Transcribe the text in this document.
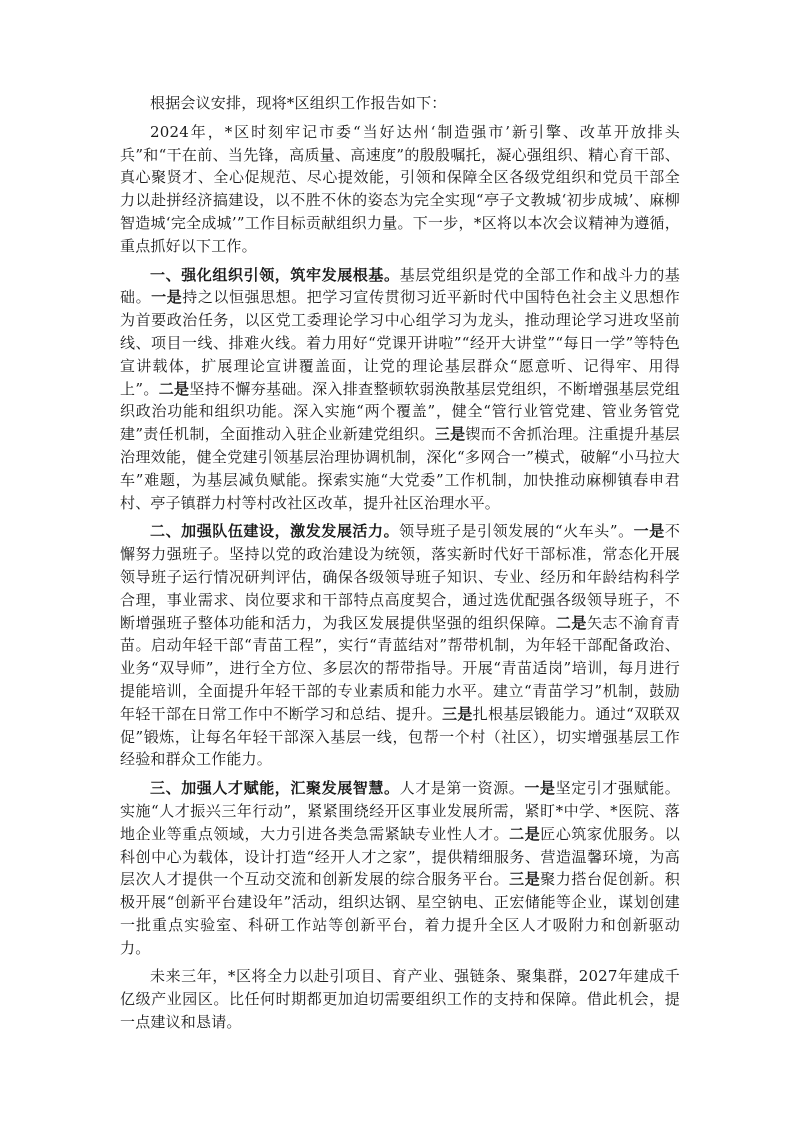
根据会议安排，现将*区组织工作报告如下：

2024年，*区时刻牢记市委“当好达州‘制造强市’新引擎、改革开放排头兵”和“干在前、当先锋，高质量、高速度”的殷殷嘱托，凝心强组织、精心育干部、真心聚贤才、全心促规范、尽心提效能，引领和保障全区各级党组织和党员干部全力以赴拼经济搞建设，以不胜不休的姿态为完全实现“亭子文教城‘初步成城’、麻柳智造城‘完全成城’”工作目标贡献组织力量。下一步，*区将以本次会议精神为遵循，重点抓好以下工作。

一、强化组织引领，筑牢发展根基。基层党组织是党的全部工作和战斗力的基础。一是持之以恒强思想。把学习宣传贯彻习近平新时代中国特色社会主义思想作为首要政治任务，以区党工委理论学习中心组学习为龙头，推动理论学习进攻坚前线、项目一线、排难火线。着力用好“党课开讲啦”“经开大讲堂”“每日一学”等特色宣讲载体，扩展理论宣讲覆盖面，让党的理论基层群众“愿意听、记得牢、用得上”。二是坚持不懈夯基础。深入排查整顿软弱涣散基层党组织，不断增强基层党组织政治功能和组织功能。深入实施“两个覆盖”，健全“管行业管党建、管业务管党建”责任机制，全面推动入驻企业新建党组织。三是锲而不舍抓治理。注重提升基层治理效能，健全党建引领基层治理协调机制，深化“多网合一”模式，破解“小马拉大车”难题，为基层减负赋能。探索实施“大党委”工作机制，加快推动麻柳镇春申君村、亭子镇群力村等村改社区改革，提升社区治理水平。

二、加强队伍建设，激发发展活力。领导班子是引领发展的“火车头”。一是不懈努力强班子。坚持以党的政治建设为统领，落实新时代好干部标准，常态化开展领导班子运行情况研判评估，确保各级领导班子知识、专业、经历和年龄结构科学合理，事业需求、岗位要求和干部特点高度契合，通过选优配强各级领导班子，不断增强班子整体功能和活力，为我区发展提供坚强的组织保障。二是矢志不渝育青苗。启动年轻干部“青苗工程”，实行“青蓝结对”帮带机制，为年轻干部配备政治、业务“双导师”，进行全方位、多层次的帮带指导。开展“青苗适岗”培训，每月进行提能培训，全面提升年轻干部的专业素质和能力水平。建立“青苗学习”机制，鼓励年轻干部在日常工作中不断学习和总结、提升。三是扎根基层锻能力。通过“双联双促”锻炼，让每名年轻干部深入基层一线，包帮一个村（社区），切实增强基层工作经验和群众工作能力。

三、加强人才赋能，汇聚发展智慧。人才是第一资源。一是坚定引才强赋能。实施“人才振兴三年行动”，紧紧围绕经开区事业发展所需，紧盯*中学、*医院、落地企业等重点领域，大力引进各类急需紧缺专业性人才。二是匠心筑家优服务。以科创中心为载体，设计打造“经开人才之家”，提供精细服务、营造温馨环境，为高层次人才提供一个互动交流和创新发展的综合服务平台。三是聚力搭台促创新。积极开展“创新平台建设年”活动，组织达钢、星空钠电、正宏储能等企业，谋划创建一批重点实验室、科研工作站等创新平台，着力提升全区人才吸附力和创新驱动力。

未来三年，*区将全力以赴引项目、育产业、强链条、聚集群，2027年建成千亿级产业园区。比任何时期都更加迫切需要组织工作的支持和保障。借此机会，提一点建议和恳请。
